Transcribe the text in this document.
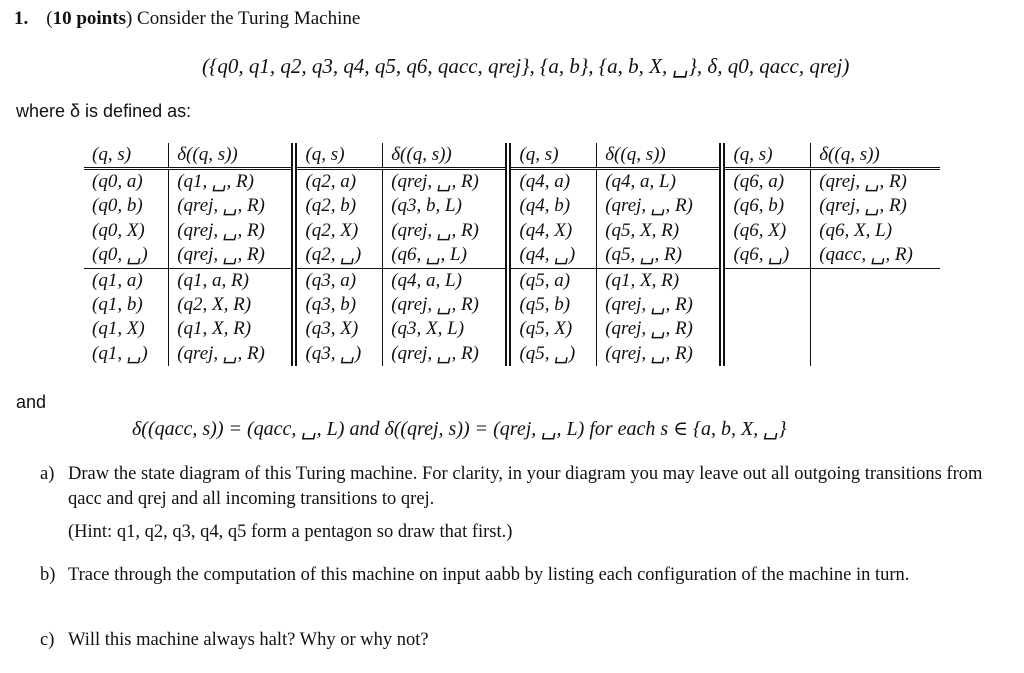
1. (10 points) Consider the Turing Machine
({q0, q1, q2, q3, q4, q5, q6, qacc, qrej}, {a, b}, {a, b, X, ␣}, δ, q0, qacc, qrej)
where δ is defined as:
(q, s)	δ((q, s))	(q, s)	δ((q, s))	(q, s)	δ((q, s))	(q, s)	δ((q, s))
(q0, a)	(q1, ␣, R)	(q2, a)	(qrej, ␣, R)	(q4, a)	(q4, a, L)	(q6, a)	(qrej, ␣, R)
(q0, b)	(qrej, ␣, R)	(q2, b)	(q3, b, L)	(q4, b)	(qrej, ␣, R)	(q6, b)	(qrej, ␣, R)
(q0, X)	(qrej, ␣, R)	(q2, X)	(qrej, ␣, R)	(q4, X)	(q5, X, R)	(q6, X)	(q6, X, L)
(q0, ␣)	(qrej, ␣, R)	(q2, ␣)	(q6, ␣, L)	(q4, ␣)	(q5, ␣, R)	(q6, ␣)	(qacc, ␣, R)
(q1, a)	(q1, a, R)	(q3, a)	(q4, a, L)	(q5, a)	(q1, X, R)		
(q1, b)	(q2, X, R)	(q3, b)	(qrej, ␣, R)	(q5, b)	(qrej, ␣, R)		
(q1, X)	(q1, X, R)	(q3, X)	(q3, X, L)	(q5, X)	(qrej, ␣, R)		
(q1, ␣)	(qrej, ␣, R)	(q3, ␣)	(qrej, ␣, R)	(q5, ␣)	(qrej, ␣, R)		
and
δ((qacc, s)) = (qacc, ␣, L) and δ((qrej, s)) = (qrej, ␣, L) for each s ∈ {a, b, X, ␣}
a) Draw the state diagram of this Turing machine. For clarity, in your diagram you may leave out all outgoing transitions from qacc and qrej and all incoming transitions to qrej.
(Hint: q1, q2, q3, q4, q5 form a pentagon so draw that first.)
b) Trace through the computation of this machine on input aabb by listing each configuration of the machine in turn.
c) Will this machine always halt? Why or why not?
